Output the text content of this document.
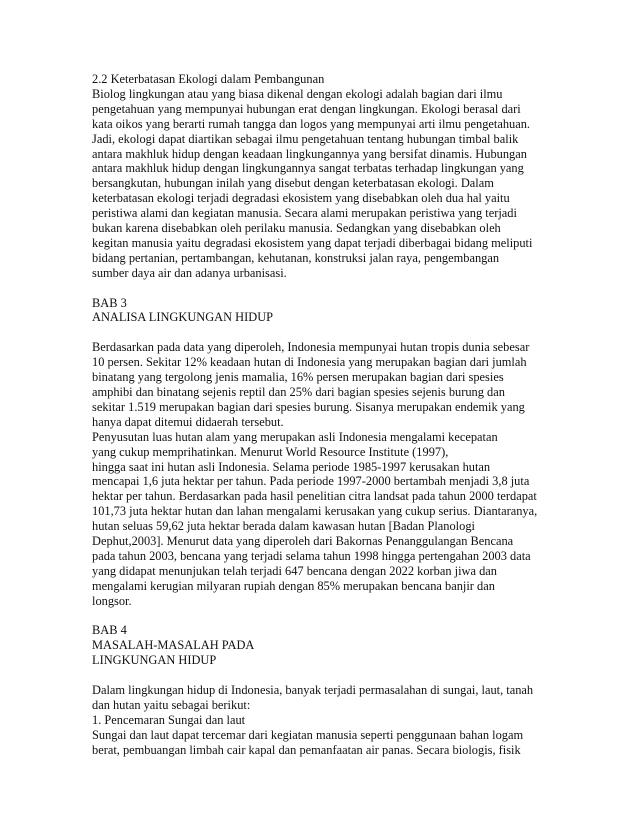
2.2 Keterbatasan Ekologi dalam Pembangunan
Biolog lingkungan atau yang biasa dikenal dengan ekologi adalah bagian dari ilmu
pengetahuan yang mempunyai hubungan erat dengan lingkungan. Ekologi berasal dari
kata oikos yang berarti rumah tangga dan logos yang mempunyai arti ilmu pengetahuan.
Jadi, ekologi dapat diartikan sebagai ilmu pengetahuan tentang hubungan timbal balik
antara makhluk hidup dengan keadaan lingkungannya yang bersifat dinamis. Hubungan
antara makhluk hidup dengan lingkungannya sangat terbatas terhadap lingkungan yang
bersangkutan, hubungan inilah yang disebut dengan keterbatasan ekologi. Dalam
keterbatasan ekologi terjadi degradasi ekosistem yang disebabkan oleh dua hal yaitu
peristiwa alami dan kegiatan manusia. Secara alami merupakan peristiwa yang terjadi
bukan karena disebabkan oleh perilaku manusia. Sedangkan yang disebabkan oleh
kegitan manusia yaitu degradasi ekosistem yang dapat terjadi diberbagai bidang meliputi
bidang pertanian, pertambangan, kehutanan, konstruksi jalan raya, pengembangan
sumber daya air dan adanya urbanisasi.
BAB 3
ANALISA LINGKUNGAN HIDUP
Berdasarkan pada data yang diperoleh, Indonesia mempunyai hutan tropis dunia sebesar
10 persen. Sekitar 12% keadaan hutan di Indonesia yang merupakan bagian dari jumlah
binatang yang tergolong jenis mamalia, 16% persen merupakan bagian dari spesies
amphibi dan binatang sejenis reptil dan 25% dari bagian spesies sejenis burung dan
sekitar 1.519 merupakan bagian dari spesies burung. Sisanya merupakan endemik yang
hanya dapat ditemui didaerah tersebut.
Penyusutan luas hutan alam yang merupakan asli Indonesia mengalami kecepatan
yang cukup memprihatinkan. Menurut World Resource Institute (1997),
hingga saat ini hutan asli Indonesia. Selama periode 1985-1997 kerusakan hutan
mencapai 1,6 juta hektar per tahun. Pada periode 1997-2000 bertambah menjadi 3,8 juta
hektar per tahun. Berdasarkan pada hasil penelitian citra landsat pada tahun 2000 terdapat
101,73 juta hektar hutan dan lahan mengalami kerusakan yang cukup serius. Diantaranya,
hutan seluas 59,62 juta hektar berada dalam kawasan hutan [Badan Planologi
Dephut,2003]. Menurut data yang diperoleh dari Bakornas Penanggulangan Bencana
pada tahun 2003, bencana yang terjadi selama tahun 1998 hingga pertengahan 2003 data
yang didapat menunjukan telah terjadi 647 bencana dengan 2022 korban jiwa dan
mengalami kerugian milyaran rupiah dengan 85% merupakan bencana banjir dan
longsor.
BAB 4
MASALAH-MASALAH PADA
LINGKUNGAN HIDUP
Dalam lingkungan hidup di Indonesia, banyak terjadi permasalahan di sungai, laut, tanah
dan hutan yaitu sebagai berikut:
1. Pencemaran Sungai dan laut
Sungai dan laut dapat tercemar dari kegiatan manusia seperti penggunaan bahan logam
berat, pembuangan limbah cair kapal dan pemanfaatan air panas. Secara biologis, fisik
